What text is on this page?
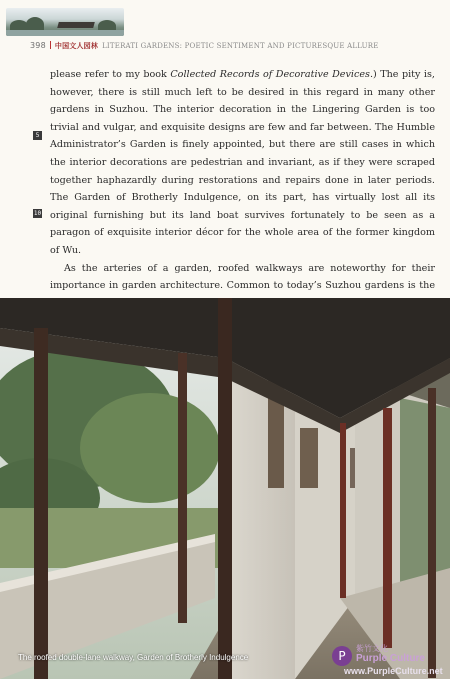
398 中国文人园林 LITERATI GARDENS: POETIC SENTIMENT AND PICTURESQUE ALLURE
5
10

please refer to my book Collected Records of Decorative Devices.) The pity is, however, there is still much left to be desired in this regard in many other gardens in Suzhou. The interior decoration in the Lingering Garden is too trivial and vulgar, and exquisite designs are few and far between. The Humble Administrator’s Garden is finely appointed, but there are still cases in which the interior decorations are pedestrian and invariant, as if they were scraped together haphazardly during restorations and repairs done in later periods. The Garden of Brotherly Indulgence, on its part, has virtually lost all its original furnishing but its land boat survives fortunately to be seen as a paragon of exquisite interior décor for the whole area of the former kingdom of Wu.

As the arteries of a garden, roofed walkways are noteworthy for their importance in garden architecture. Common to today’s Suzhou gardens is the

The roofed double-lane walkway, Garden of Brotherly Indulgence	P
紫竹文化
Purple Culture
www.PurpleCulture.net
